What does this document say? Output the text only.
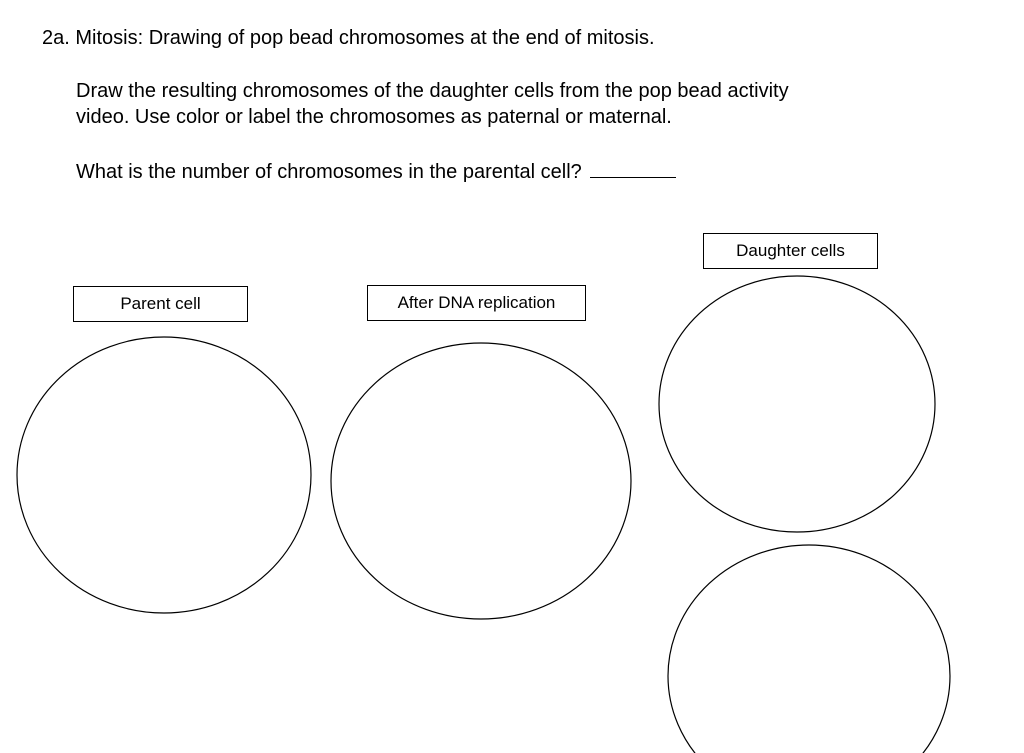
2a. Mitosis: Drawing of pop bead chromosomes at the end of mitosis.

Draw the resulting chromosomes of the daughter cells from the pop bead activity

video. Use color or label the chromosomes as paternal or maternal.

What is the number of chromosomes in the parental cell?

Parent cell	After DNA replication
Daughter cells
